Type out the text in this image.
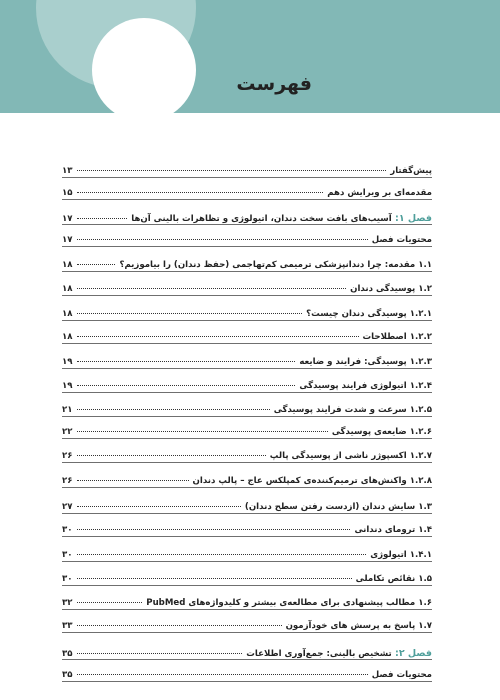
فهرست
پیش‌گفتار
۱۳
مقدمه‌ای بر ویرایش دهم
۱۵
فصل ۱: آسیب‌های بافت سخت دندان، اتیولوژی و تظاهرات بالینی آن‌ها
۱۷
محتویات فصل
۱۷
۱.۱ مقدمه: چرا دندانپزشکی ترمیمی کم‌تهاجمی (حفظ دندان) را بیاموزیم؟
۱۸
۱.۲ پوسیدگی دندان
۱۸
۱.۲.۱ پوسیدگی دندان چیست؟
۱۸
۱.۲.۲ اصطلاحات
۱۸
۱.۲.۳ پوسیدگی: فرایند و ضایعه
۱۹
۱.۲.۴ اتیولوژی فرایند پوسیدگی
۱۹
۱.۲.۵ سرعت و شدت فرایند پوسیدگی
۲۱
۱.۲.۶ ضایعه‌ی پوسیدگی
۲۲
۱.۲.۷ اکسپوژر ناشی از پوسیدگی پالپ
۲۶
۱.۲.۸ واکنش‌های ترمیم‌کننده‌ی کمپلکس عاج – پالپ دندان
۲۶
۱.۳ سایش دندان (ازدست رفتن سطح دندان)
۲۷
۱.۴ ترومای دندانی
۳۰
۱.۴.۱ اتیولوژی
۳۰
۱.۵ نقائص تکاملی
۳۰
۱.۶ مطالب پیشنهادی برای مطالعه‌ی بیشتر و کلیدواژه‌های PubMed
۳۲
۱.۷ پاسخ به پرسش های خودآزمون
۳۳
فصل ۲: تشخیص بالینی: جمع‌آوری اطلاعات
۳۵
محتویات فصل
۳۵
